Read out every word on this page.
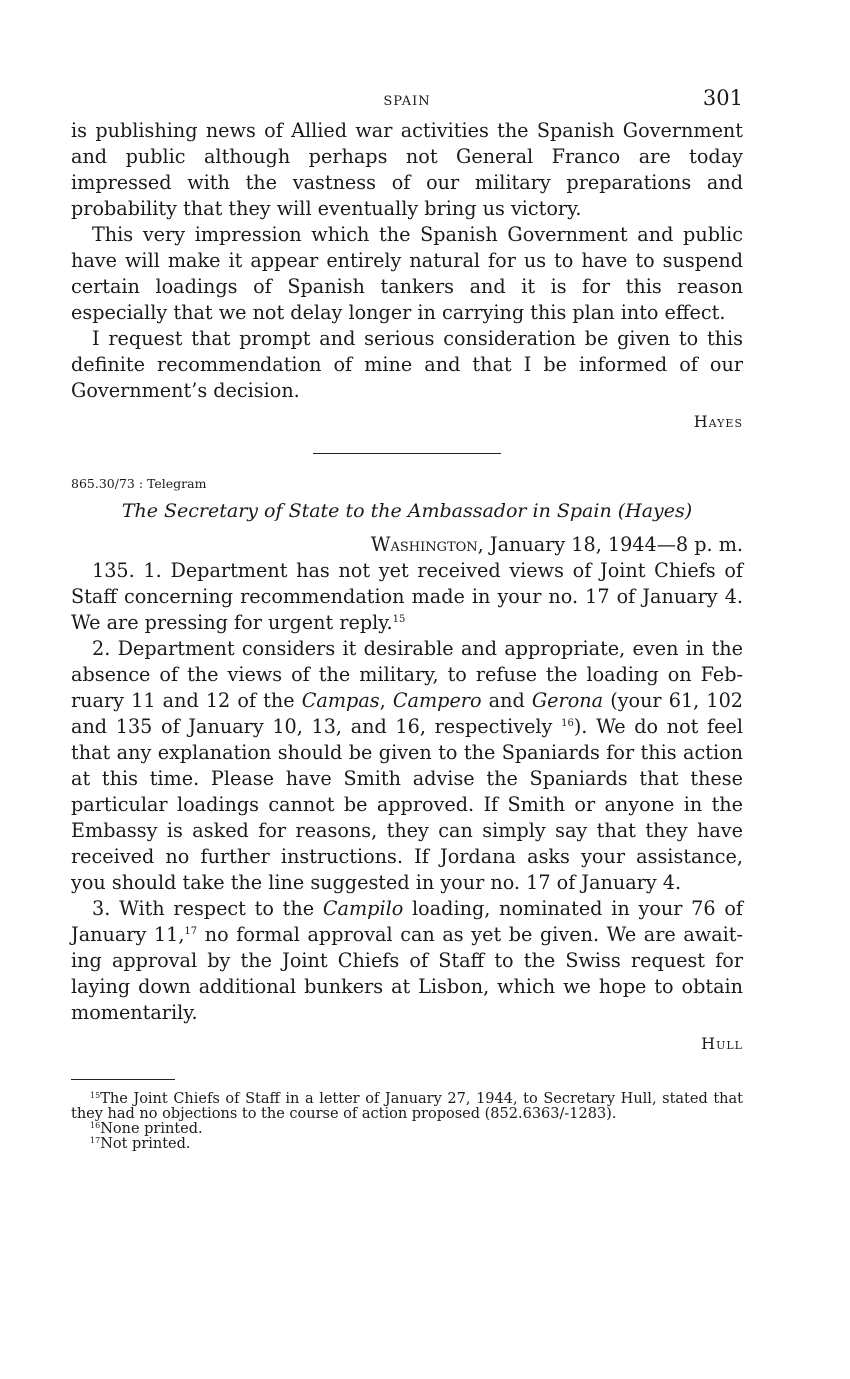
SPAIN	301

is publishing news of Allied war activities the Spanish Government and public although perhaps not General Franco are today impressed with the vastness of our military preparations and probability that they will eventually bring us victory.

This very impression which the Spanish Government and public have will make it appear entirely natural for us to have to suspend certain loadings of Spanish tankers and it is for this reason especially that we not delay longer in carrying this plan into effect.

I request that prompt and serious consideration be given to this definite recommendation of mine and that I be informed of our Government’s decision.

Hayes
865.30/73 : Telegram
The Secretary of State to the Ambassador in Spain (Hayes)
Washington, January 18, 1944—8 p. m.

135. 1. Department has not yet received views of Joint Chiefs of Staff concerning recommendation made in your no. 17 of January 4. We are pressing for urgent reply.$^{15}$

2. Department considers it desirable and appropriate, even in the absence of the views of the military, to refuse the loading on February 11 and 12 of the Campas, Campero and Gerona (your 61, 102 and 135 of January 10, 13, and 16, respectively $^{16}$). We do not feel that any explanation should be given to the Spaniards for this action at this time. Please have Smith advise the Spaniards that these particular loadings cannot be approved. If Smith or anyone in the Embassy is asked for reasons, they can simply say that they have received no further instructions. If Jordana asks your assistance, you should take the line suggested in your no. 17 of January 4.

3. With respect to the Campilo loading, nominated in your 76 of January 11,17 no formal approval can as yet be given. We are awaiting approval by the Joint Chiefs of Staff to the Swiss request for laying down additional bunkers at Lisbon, which we hope to obtain momentarily.

Hull

$^{15}$The Joint Chiefs of Staff in a letter of January 27, 1944, to Secretary Hull, stated that they had no objections to the course of action proposed (852.6363/-1283).

$^{16}$None printed.

$^{17}$Not printed.
